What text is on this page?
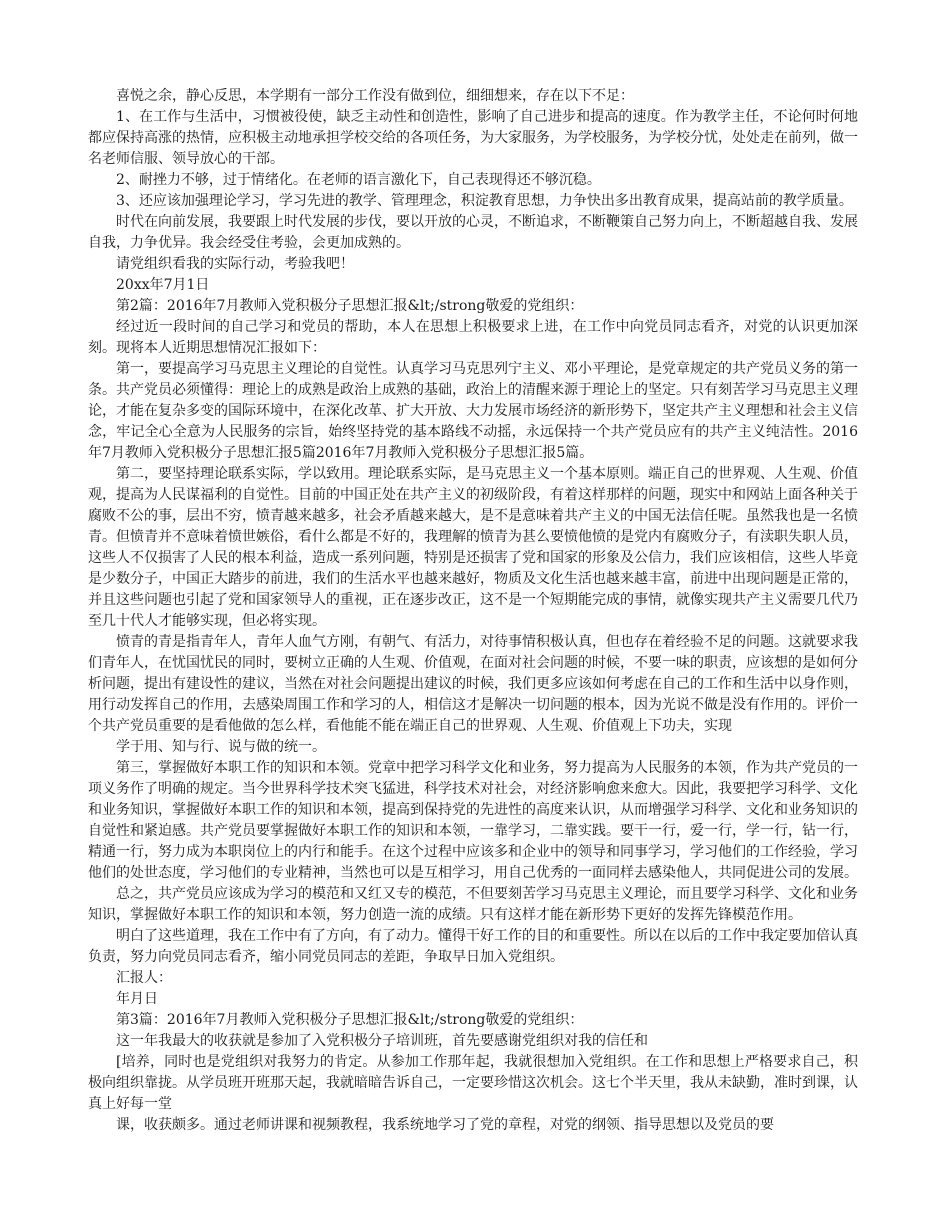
喜悦之余，静心反思，本学期有一部分工作没有做到位，细细想来，存在以下不足：

1、在工作与生活中，习惯被役使，缺乏主动性和创造性，影响了自己进步和提高的速度。作为教学主任，不论何时何地都应保持高涨的热情，应积极主动地承担学校交给的各项任务，为大家服务，为学校服务，为学校分忧，处处走在前列，做一名老师信服、领导放心的干部。

2、耐挫力不够，过于情绪化。在老师的语言激化下，自己表现得还不够沉稳。

3、还应该加强理论学习，学习先进的教学、管理理念，积淀教育思想，力争快出多出教育成果，提高站前的教学质量。

时代在向前发展，我要跟上时代发展的步伐，要以开放的心灵，不断追求，不断鞭策自己努力向上，不断超越自我、发展自我，力争优异。我会经受住考验，会更加成熟的。

请党组织看我的实际行动，考验我吧！

20xx年7月1日

第2篇：2016年7月教师入党积极分子思想汇报&lt;/strong敬爱的党组织：

经过近一段时间的自己学习和党员的帮助，本人在思想上积极要求上进，在工作中向党员同志看齐，对党的认识更加深刻。现将本人近期思想情况汇报如下：

第一，要提高学习马克思主义理论的自觉性。认真学习马克思列宁主义、邓小平理论，是党章规定的共产党员义务的第一条。共产党员必须懂得：理论上的成熟是政治上成熟的基础，政治上的清醒来源于理论上的坚定。只有刻苦学习马克思主义理论，才能在复杂多变的国际环境中，在深化改革、扩大开放、大力发展市场经济的新形势下，坚定共产主义理想和社会主义信念，牢记全心全意为人民服务的宗旨，始终坚持党的基本路线不动摇，永远保持一个共产党员应有的共产主义纯洁性。2016年7月教师入党积极分子思想汇报5篇2016年7月教师入党积极分子思想汇报5篇。

第二，要坚持理论联系实际，学以致用。理论联系实际，是马克思主义一个基本原则。端正自己的世界观、人生观、价值观，提高为人民谋福利的自觉性。目前的中国正处在共产主义的初级阶段，有着这样那样的问题，现实中和网站上面各种关于腐败不公的事，层出不穷，愤青越来越多，社会矛盾越来越大，是不是意味着共产主义的中国无法信任呢。虽然我也是一名愤青。但愤青并不意味着愤世嫉俗，看什么都是不好的，我理解的愤青为甚么要愤他愤的是党内有腐败分子，有渎职失职人员，这些人不仅损害了人民的根本利益，造成一系列问题，特别是还损害了党和国家的形象及公信力，我们应该相信，这些人毕竟是少数分子，中国正大踏步的前进，我们的生活水平也越来越好，物质及文化生活也越来越丰富，前进中出现问题是正常的，并且这些问题也引起了党和国家领导人的重视，正在逐步改正，这不是一个短期能完成的事情，就像实现共产主义需要几代乃至几十代人才能够实现，但必将实现。

愤青的青是指青年人，青年人血气方刚，有朝气、有活力，对待事情积极认真，但也存在着经验不足的问题。这就要求我们青年人，在忧国忧民的同时，要树立正确的人生观、价值观，在面对社会问题的时候，不要一味的职责，应该想的是如何分析问题，提出有建设性的建议，当然在对社会问题提出建议的时候，我们更多应该如何考虑在自己的工作和生活中以身作则，用行动发挥自己的作用，去感染周围工作和学习的人，相信这才是解决一切问题的根本，因为光说不做是没有作用的。评价一个共产党员重要的是看他做的怎么样，看他能不能在端正自己的世界观、人生观、价值观上下功夫，实现

学于用、知与行、说与做的统一。

第三，掌握做好本职工作的知识和本领。党章中把学习科学文化和业务，努力提高为人民服务的本领，作为共产党员的一项义务作了明确的规定。当今世界科学技术突飞猛进，科学技术对社会，对经济影响愈来愈大。因此，我要把学习科学、文化和业务知识，掌握做好本职工作的知识和本领，提高到保持党的先进性的高度来认识，从而增强学习科学、文化和业务知识的自觉性和紧迫感。共产党员要掌握做好本职工作的知识和本领，一靠学习，二靠实践。要干一行，爱一行，学一行，钻一行，精通一行，努力成为本职岗位上的内行和能手。在这个过程中应该多和企业中的领导和同事学习，学习他们的工作经验，学习他们的处世态度，学习他们的专业精神，当然也可以是互相学习，用自己优秀的一面同样去感染他人，共同促进公司的发展。

总之，共产党员应该成为学习的模范和又红又专的模范，不但要刻苦学习马克思主义理论，而且要学习科学、文化和业务知识，掌握做好本职工作的知识和本领，努力创造一流的成绩。只有这样才能在新形势下更好的发挥先锋模范作用。

明白了这些道理，我在工作中有了方向，有了动力。懂得干好工作的目的和重要性。所以在以后的工作中我定要加倍认真负责，努力向党员同志看齐，缩小同党员同志的差距，争取早日加入党组织。

汇报人：

年月日

第3篇：2016年7月教师入党积极分子思想汇报&lt;/strong敬爱的党组织：

这一年我最大的收获就是参加了入党积极分子培训班，首先要感谢党组织对我的信任和

[培养，同时也是党组织对我努力的肯定。从参加工作那年起，我就很想加入党组织。在工作和思想上严格要求自己，积极向组织靠拢。从学员班开班那天起，我就暗暗告诉自己，一定要珍惜这次机会。这七个半天里，我从未缺勤，准时到课，认真上好每一堂

课，收获颇多。通过老师讲课和视频教程，我系统地学习了党的章程，对党的纲领、指导思想以及党员的要
